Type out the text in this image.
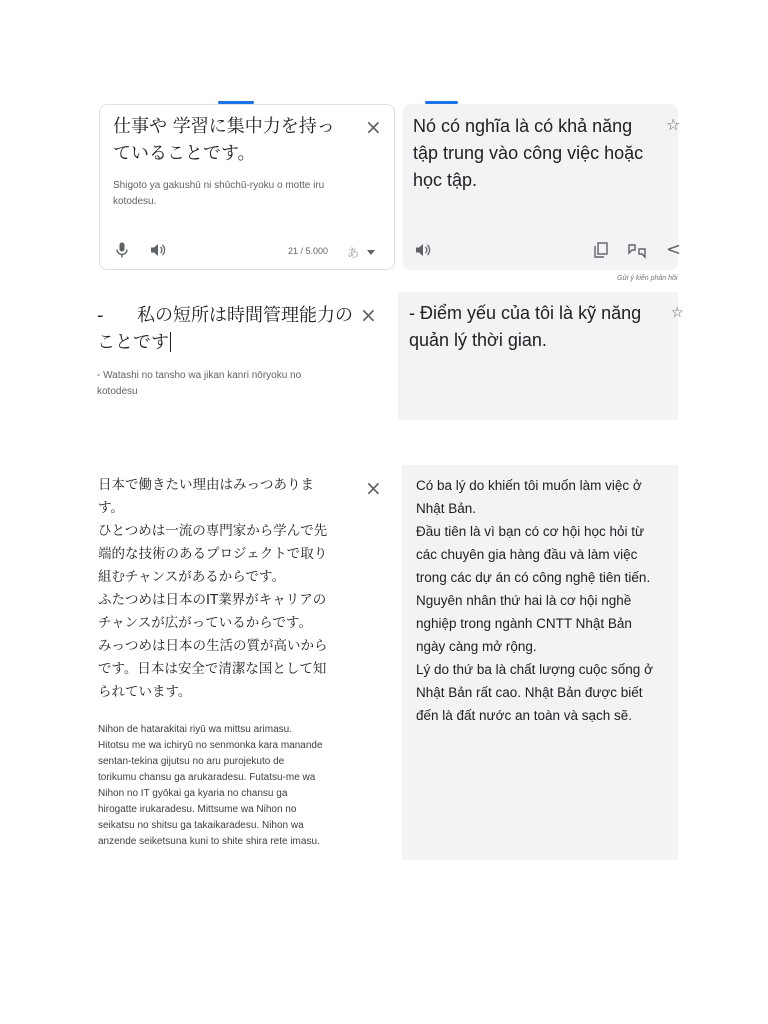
仕事や 学習に集中力を持っていることです。
×
Shigoto ya gakushū ni shūchū-ryoku o motte iru kotodesu.
21 / 5.000 あ
Nó có nghĩa là có khả năng tập trung vào công việc hoặc học tập.
☆
<
Gửi ý kiến phản hồi
-	私の短所は時間管理能力のことです
×
- Watashi no tansho wa jikan kanri nōryoku no kotodesu
- Điểm yếu của tôi là kỹ năng quản lý thời gian.
☆
日本で働きたい理由はみっつありま
す。
ひとつめは一流の専門家から学んで先
端的な技術のあるプロジェクトで取り
組むチャンスがあるからです。
ふたつめは日本のIT業界がキャリアの
チャンスが広がっているからです。
みっつめは日本の生活の質が高いから
です。日本は安全で清潔な国として知
られています。
×
Nihon de hatarakitai riyū wa mittsu arimasu.
Hitotsu me wa ichiryū no senmonka kara manande
sentan-tekina gijutsu no aru purojekuto de
torikumu chansu ga arukaradesu. Futatsu-me wa
Nihon no IT gyōkai ga kyaria no chansu ga
hirogatte irukaradesu. Mittsume wa Nihon no
seikatsu no shitsu ga takaikaradesu. Nihon wa
anzende seiketsuna kuni to shite shira rete imasu.
Có ba lý do khiến tôi muốn làm việc ở
Nhật Bản.
Đầu tiên là vì bạn có cơ hội học hỏi từ
các chuyên gia hàng đầu và làm việc
trong các dự án có công nghệ tiên tiến.
Nguyên nhân thứ hai là cơ hội nghề
nghiệp trong ngành CNTT Nhật Bản
ngày càng mở rộng.
Lý do thứ ba là chất lượng cuộc sống ở
Nhật Bản rất cao. Nhật Bản được biết
đến là đất nước an toàn và sạch sẽ.
